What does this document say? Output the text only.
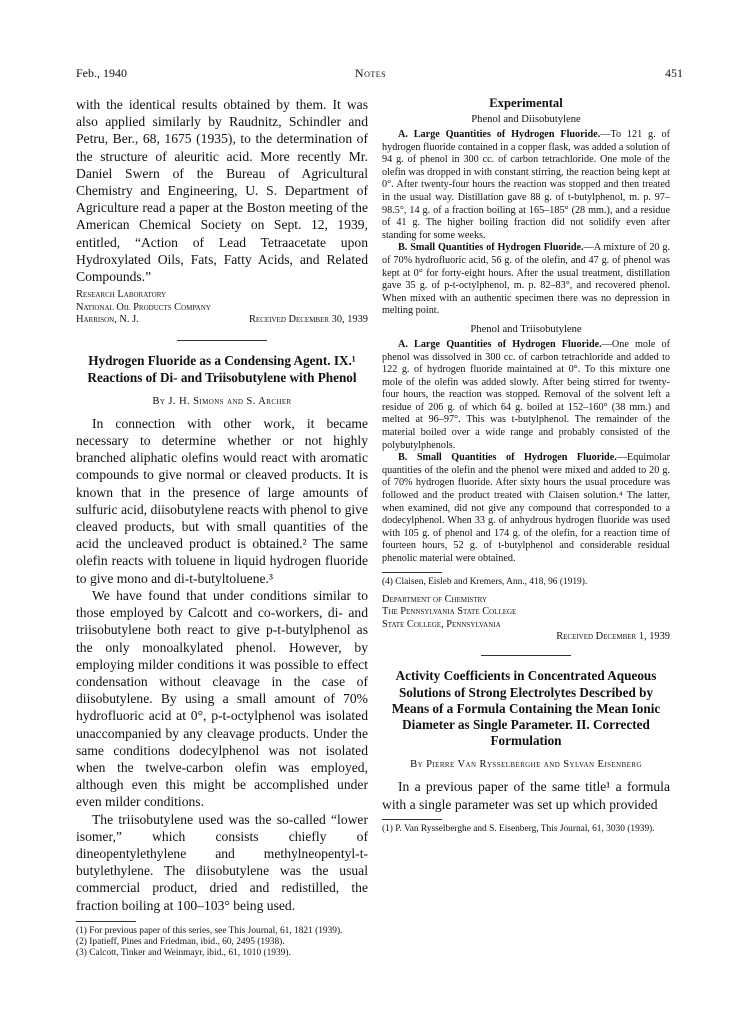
Feb., 1940	Notes	451

with the identical results obtained by them. It was also applied similarly by Raudnitz, Schindler and Petru, Ber., 68, 1675 (1935), to the determination of the structure of aleuritic acid. More recently Mr. Daniel Swern of the Bureau of Agricultural Chemistry and Engineering, U. S. Department of Agriculture read a paper at the Boston meeting of the American Chemical Society on Sept. 12, 1939, entitled, “Action of Lead Tetraacetate upon Hydroxylated Oils, Fats, Fatty Acids, and Related Compounds.”

Research Laboratory
National Oil Products Company
Harrison, N. J.	Received December 30, 1939
Hydrogen Fluoride as a Condensing Agent. IX.¹ Reactions of Di- and Triisobutylene with Phenol
By J. H. Simons and S. Archer

In connection with other work, it became necessary to determine whether or not highly branched aliphatic olefins would react with aromatic compounds to give normal or cleaved products. It is known that in the presence of large amounts of sulfuric acid, diisobutylene reacts with phenol to give cleaved products, but with small quantities of the acid the uncleaved product is obtained.² The same olefin reacts with toluene in liquid hydrogen fluoride to give mono and di-t-butyltoluene.³

We have found that under conditions similar to those employed by Calcott and co-workers, di- and triisobutylene both react to give p-t-butylphenol as the only monoalkylated phenol. However, by employing milder conditions it was possible to effect condensation without cleavage in the case of diisobutylene. By using a small amount of 70% hydrofluoric acid at 0°, p-t-octylphenol was isolated unaccompanied by any cleavage products. Under the same conditions dodecylphenol was not isolated when the twelve-carbon olefin was employed, although even this might be accomplished under even milder conditions.

The triisobutylene used was the so-called “lower isomer,” which consists chiefly of dineopentylethylene and methylneopentyl-t-butylethylene. The diisobutylene was the usual commercial product, dried and redistilled, the fraction boiling at 100–103° being used.

(1) For previous paper of this series, see This Journal, 61, 1821 (1939).
(2) Ipatieff, Pines and Friedman, ibid., 60, 2495 (1938).
(3) Calcott, Tinker and Weinmayr, ibid., 61, 1010 (1939).
Experimental
Phenol and Diisobutylene

A. Large Quantities of Hydrogen Fluoride.—To 121 g. of hydrogen fluoride contained in a copper flask, was added a solution of 94 g. of phenol in 300 cc. of carbon tetrachloride. One mole of the olefin was dropped in with constant stirring, the reaction being kept at 0°. After twenty-four hours the reaction was stopped and then treated in the usual way. Distillation gave 88 g. of t-butylphenol, m. p. 97–98.5°, 14 g. of a fraction boiling at 165–185° (28 mm.), and a residue of 41 g. The higher boiling fraction did not solidify even after standing for some weeks.

B. Small Quantities of Hydrogen Fluoride.—A mixture of 20 g. of 70% hydrofluoric acid, 56 g. of the olefin, and 47 g. of phenol was kept at 0° for forty-eight hours. After the usual treatment, distillation gave 35 g. of p-t-octylphenol, m. p. 82–83°, and recovered phenol. When mixed with an authentic specimen there was no depression in melting point.

Phenol and Triisobutylene

A. Large Quantities of Hydrogen Fluoride.—One mole of phenol was dissolved in 300 cc. of carbon tetrachloride and added to 122 g. of hydrogen fluoride maintained at 0°. To this mixture one mole of the olefin was added slowly. After being stirred for twenty-four hours, the reaction was stopped. Removal of the solvent left a residue of 206 g. of which 64 g. boiled at 152–160° (38 mm.) and melted at 96–97°. This was t-butylphenol. The remainder of the material boiled over a wide range and probably consisted of the polybutylphenols.

B. Small Quantities of Hydrogen Fluoride.—Equimolar quantities of the olefin and the phenol were mixed and added to 20 g. of 70% hydrogen fluoride. After sixty hours the usual procedure was followed and the product treated with Claisen solution.⁴ The latter, when examined, did not give any compound that corresponded to a dodecylphenol. When 33 g. of anhydrous hydrogen fluoride was used with 105 g. of phenol and 174 g. of the olefin, for a reaction time of fourteen hours, 52 g. of t-butylphenol and considerable residual phenolic material were obtained.

(4) Claisen, Eisleb and Kremers, Ann., 418, 96 (1919).
Department of Chemistry
The Pennsylvania State College
State College, Pennsylvania
Received December 1, 1939
Activity Coefficients in Concentrated Aqueous Solutions of Strong Electrolytes Described by Means of a Formula Containing the Mean Ionic Diameter as Single Parameter. II. Corrected Formulation
By Pierre Van Rysselberghe and Sylvan Eisenberg

In a previous paper of the same title¹ a formula with a single parameter was set up which provided

(1) P. Van Rysselberghe and S. Eisenberg, This Journal, 61, 3030 (1939).
